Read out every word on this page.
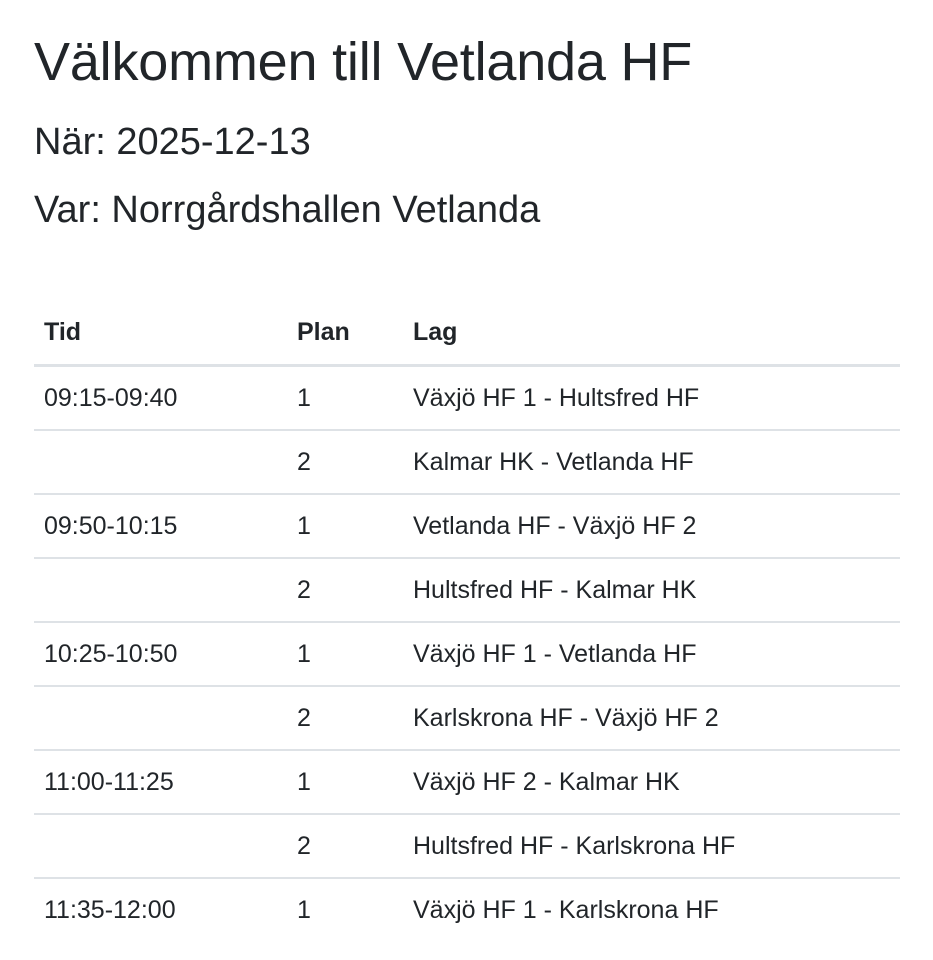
Välkommen till Vetlanda HF

När: 2025-12-13

Var: Norrgårdshallen Vetlanda

Tid	Plan	Lag
09:15-09:40	1	Växjö HF 1 - Hultsfred HF
	2	Kalmar HK - Vetlanda HF
09:50-10:15	1	Vetlanda HF - Växjö HF 2
	2	Hultsfred HF - Kalmar HK
10:25-10:50	1	Växjö HF 1 - Vetlanda HF
	2	Karlskrona HF - Växjö HF 2
11:00-11:25	1	Växjö HF 2 - Kalmar HK
	2	Hultsfred HF - Karlskrona HF
11:35-12:00	1	Växjö HF 1 - Karlskrona HF
